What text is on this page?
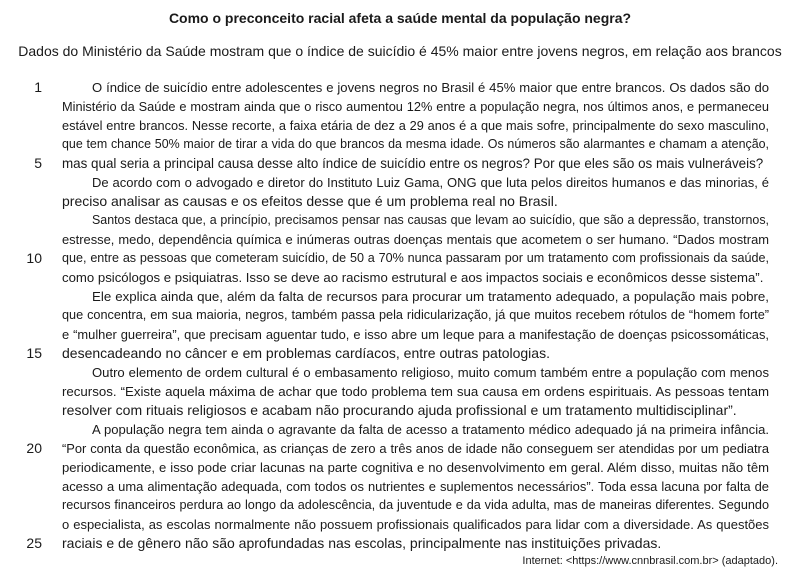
Como o preconceito racial afeta a saúde mental da população negra?
Dados do Ministério da Saúde mostram que o índice de suicídio é 45% maior entre jovens negros, em relação aos brancos
1
5
10
15
20
25
O índice de suicídio entre adolescentes e jovens negros no Brasil é 45% maior que entre brancos. Os dados são do
Ministério da Saúde e mostram ainda que o risco aumentou 12% entre a população negra, nos últimos anos, e permaneceu
estável entre brancos. Nesse recorte, a faixa etária de dez a 29 anos é a que mais sofre, principalmente do sexo masculino,
que tem chance 50% maior de tirar a vida do que brancos da mesma idade. Os números são alarmantes e chamam a atenção,
mas qual seria a principal causa desse alto índice de suicídio entre os negros? Por que eles são os mais vulneráveis?
De acordo com o advogado e diretor do Instituto Luiz Gama, ONG que luta pelos direitos humanos e das minorias, é
preciso analisar as causas e os efeitos desse que é um problema real no Brasil.
Santos destaca que, a princípio, precisamos pensar nas causas que levam ao suicídio, que são a depressão, transtornos,
estresse, medo, dependência química e inúmeras outras doenças mentais que acometem o ser humano. “Dados mostram
que, entre as pessoas que cometeram suicídio, de 50 a 70% nunca passaram por um tratamento com profissionais da saúde,
como psicólogos e psiquiatras. Isso se deve ao racismo estrutural e aos impactos sociais e econômicos desse sistema”.
Ele explica ainda que, além da falta de recursos para procurar um tratamento adequado, a população mais pobre,
que concentra, em sua maioria, negros, também passa pela ridicularização, já que muitos recebem rótulos de “homem forte”
e “mulher guerreira”, que precisam aguentar tudo, e isso abre um leque para a manifestação de doenças psicossomáticas,
desencadeando no câncer e em problemas cardíacos, entre outras patologias.
Outro elemento de ordem cultural é o embasamento religioso, muito comum também entre a população com menos
recursos. “Existe aquela máxima de achar que todo problema tem sua causa em ordens espirituais. As pessoas tentam
resolver com rituais religiosos e acabam não procurando ajuda profissional e um tratamento multidisciplinar”.
A população negra tem ainda o agravante da falta de acesso a tratamento médico adequado já na primeira infância.
“Por conta da questão econômica, as crianças de zero a três anos de idade não conseguem ser atendidas por um pediatra
periodicamente, e isso pode criar lacunas na parte cognitiva e no desenvolvimento em geral. Além disso, muitas não têm
acesso a uma alimentação adequada, com todos os nutrientes e suplementos necessários”. Toda essa lacuna por falta de
recursos financeiros perdura ao longo da adolescência, da juventude e da vida adulta, mas de maneiras diferentes. Segundo
o especialista, as escolas normalmente não possuem profissionais qualificados para lidar com a diversidade. As questões
raciais e de gênero não são aprofundadas nas escolas, principalmente nas instituições privadas.
Internet: <https://www.cnnbrasil.com.br> (adaptado).
